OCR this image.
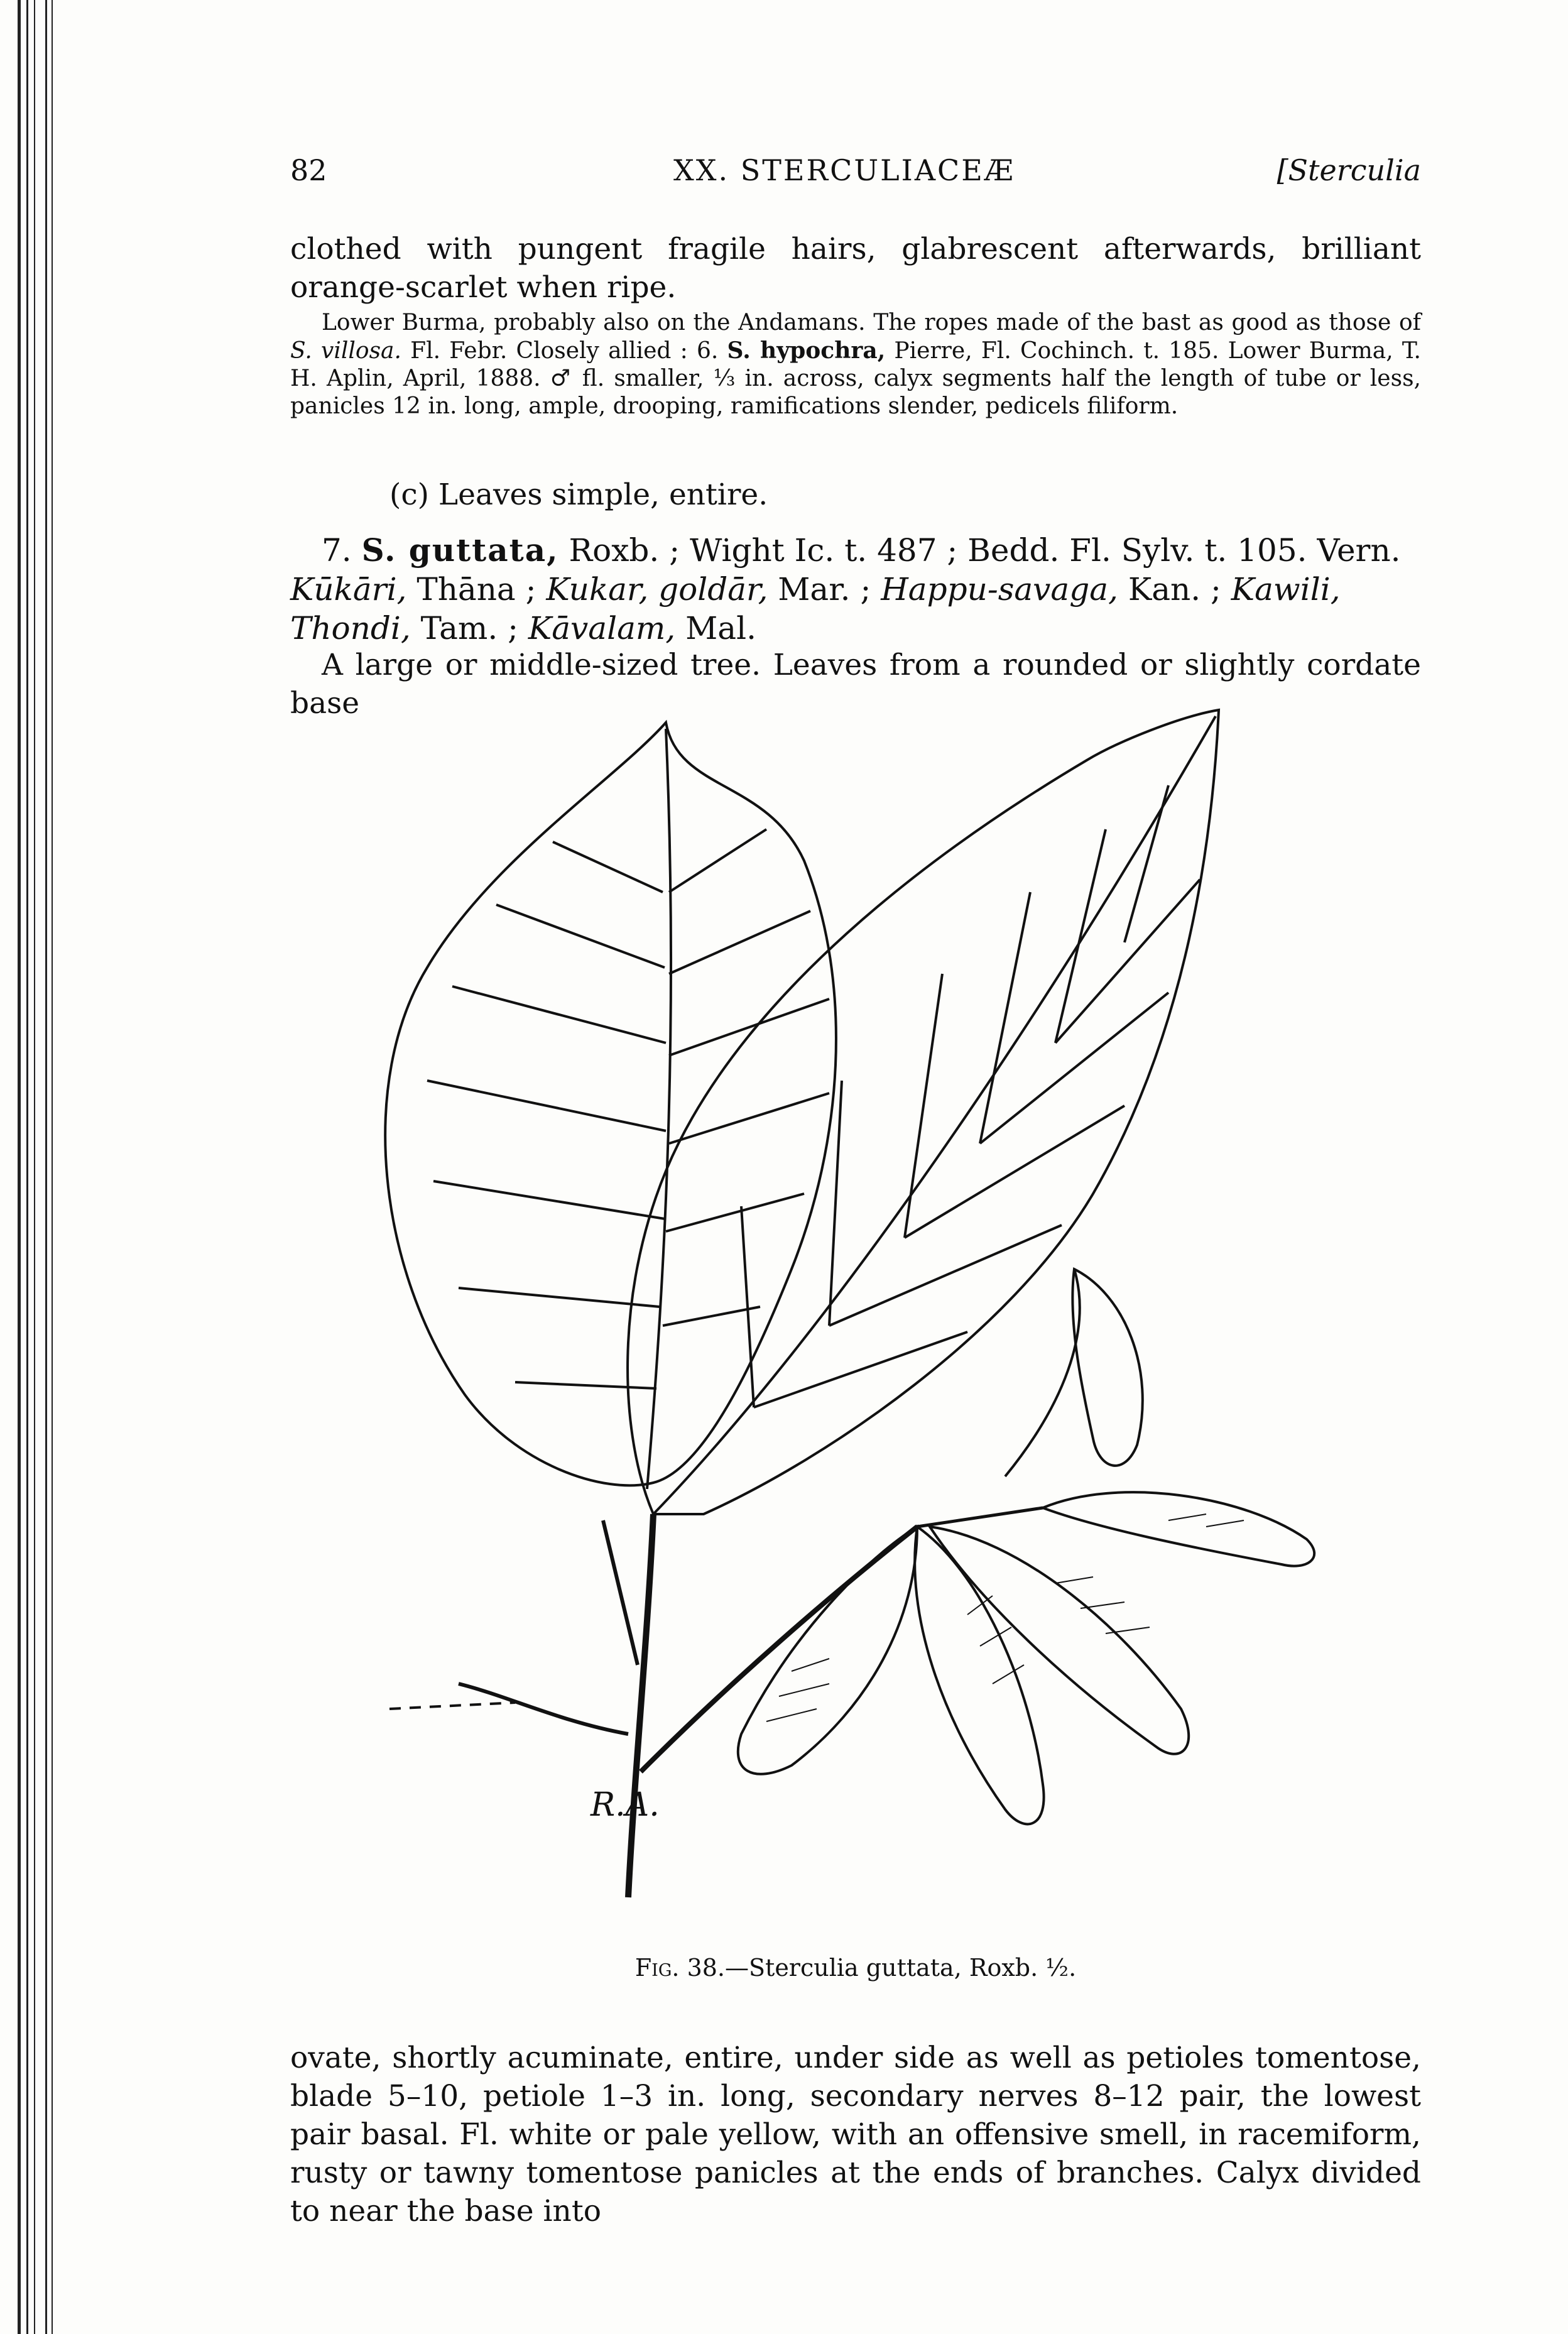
82	XX. STERCULIACEÆ	[Sterculia

clothed with pungent fragile hairs, glabrescent afterwards, brilliant orange-scarlet when ripe.

Lower Burma, probably also on the Andamans. The ropes made of the bast as good as those of S. villosa. Fl. Febr. Closely allied : 6. S. hypochra, Pierre, Fl. Cochinch. t. 185. Lower Burma, T. H. Aplin, April, 1888. ♂ fl. smaller, ⅓ in. across, calyx segments half the length of tube or less, panicles 12 in. long, ample, drooping, ramifications slender, pedicels filiform.

(c) Leaves simple, entire.

7. S. guttata, Roxb. ; Wight Ic. t. 487 ; Bedd. Fl. Sylv. t. 105. Vern. Kūkāri, Thāna ; Kukar, goldār, Mar. ; Happu-savaga, Kan. ; Kawili, Thondi, Tam. ; Kāvalam, Mal.

A large or middle-sized tree. Leaves from a rounded or slightly cordate base

R.A.
Fig. 38.—Sterculia guttata, Roxb. ½.

ovate, shortly acuminate, entire, under side as well as petioles tomentose, blade 5–10, petiole 1–3 in. long, secondary nerves 8–12 pair, the lowest pair basal. Fl. white or pale yellow, with an offensive smell, in racemiform, rusty or tawny tomentose panicles at the ends of branches. Calyx divided to near the base into
